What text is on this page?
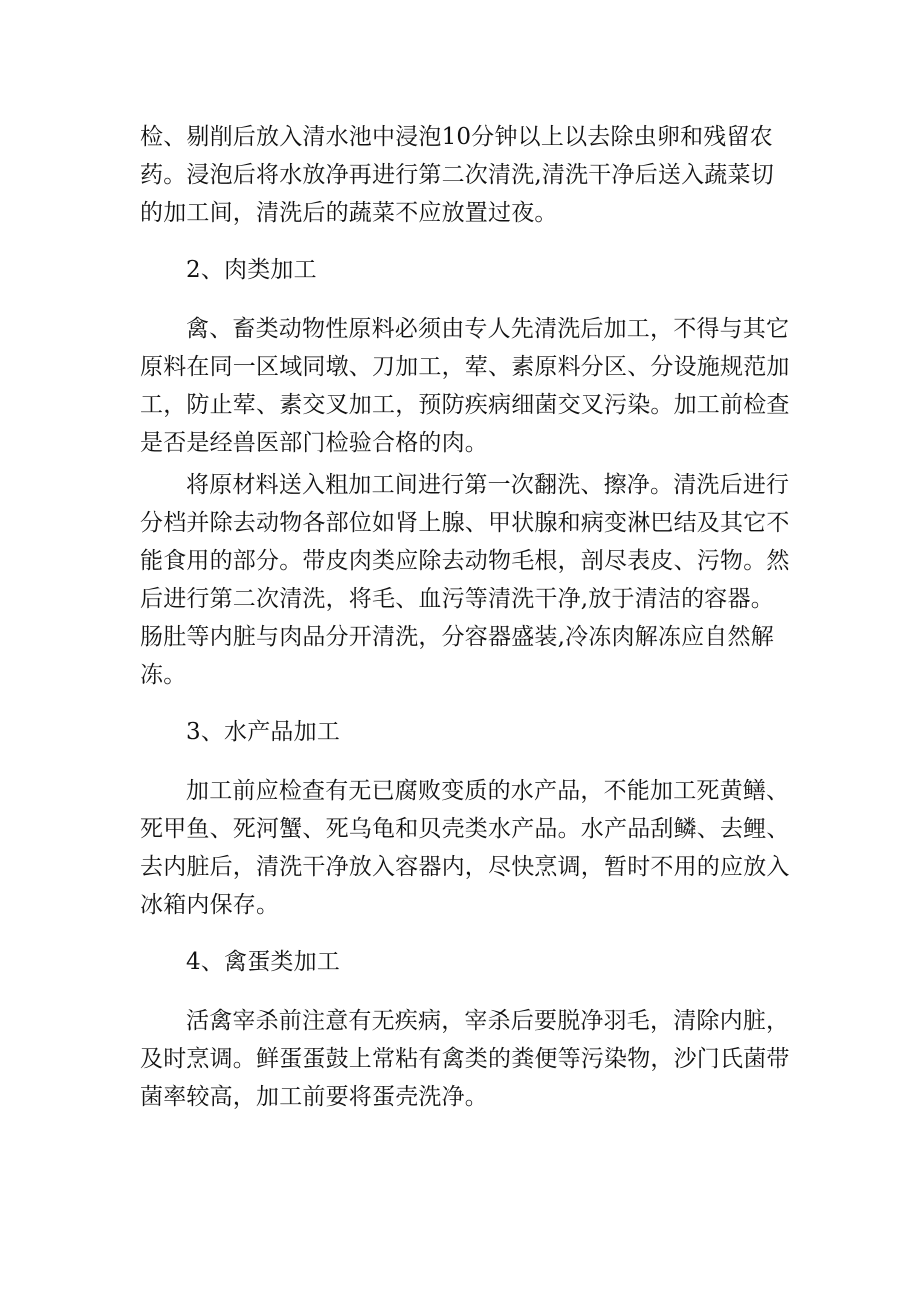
检、剔削后放入清水池中浸泡10分钟以上以去除虫卵和残留农
药。浸泡后将水放净再进行第二次清洗,清洗干净后送入蔬菜切
的加工间，清洗后的蔬菜不应放置过夜。
2、肉类加工
禽、畜类动物性原料必须由专人先清洗后加工，不得与其它
原料在同一区域同墩、刀加工，荤、素原料分区、分设施规范加
工，防止荤、素交叉加工，预防疾病细菌交叉污染。加工前检查
是否是经兽医部门检验合格的肉。
将原材料送入粗加工间进行第一次翻洗、擦净。清洗后进行
分档并除去动物各部位如肾上腺、甲状腺和病变淋巴结及其它不
能食用的部分。带皮肉类应除去动物毛根，剖尽表皮、污物。然
后进行第二次清洗，将毛、血污等清洗干净,放于清洁的容器。
肠肚等内脏与肉品分开清洗，分容器盛装,冷冻肉解冻应自然解
冻。
3、水产品加工
加工前应检查有无已腐败变质的水产品，不能加工死黄鳝、
死甲鱼、死河蟹、死乌龟和贝壳类水产品。水产品刮鳞、去鲤、
去内脏后，清洗干净放入容器内，尽快烹调，暂时不用的应放入
冰箱内保存。
4、禽蛋类加工
活禽宰杀前注意有无疾病，宰杀后要脱净羽毛，清除内脏，
及时烹调。鲜蛋蛋鼓上常粘有禽类的粪便等污染物，沙门氏菌带
菌率较高，加工前要将蛋壳洗净。
